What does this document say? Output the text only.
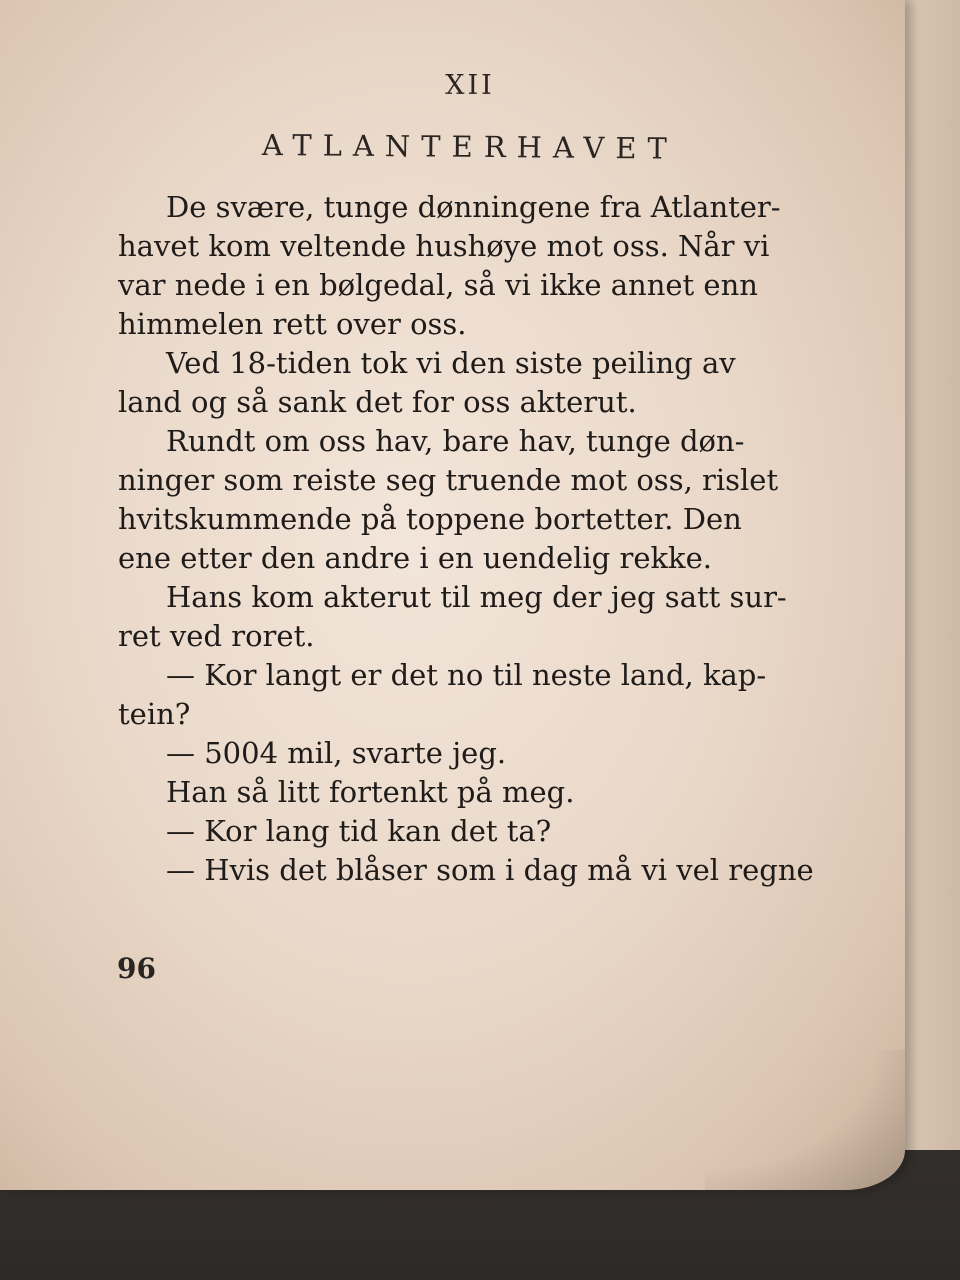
XII
ATLANTERHAVET
De svære, tunge dønningene fra Atlanter-
havet kom veltende hushøye mot oss. Når vi
var nede i en bølgedal, så vi ikke annet enn
himmelen rett over oss.
Ved 18-tiden tok vi den siste peiling av
land og så sank det for oss akterut.
Rundt om oss hav, bare hav, tunge døn-
ninger som reiste seg truende mot oss, rislet
hvitskummende på toppene bortetter. Den
ene etter den andre i en uendelig rekke.
Hans kom akterut til meg der jeg satt sur-
ret ved roret.
— Kor langt er det no til neste land, kap-
tein?
— 5004 mil, svarte jeg.
Han så litt fortenkt på meg.
— Kor lang tid kan det ta?
— Hvis det blåser som i dag må vi vel regne
96
